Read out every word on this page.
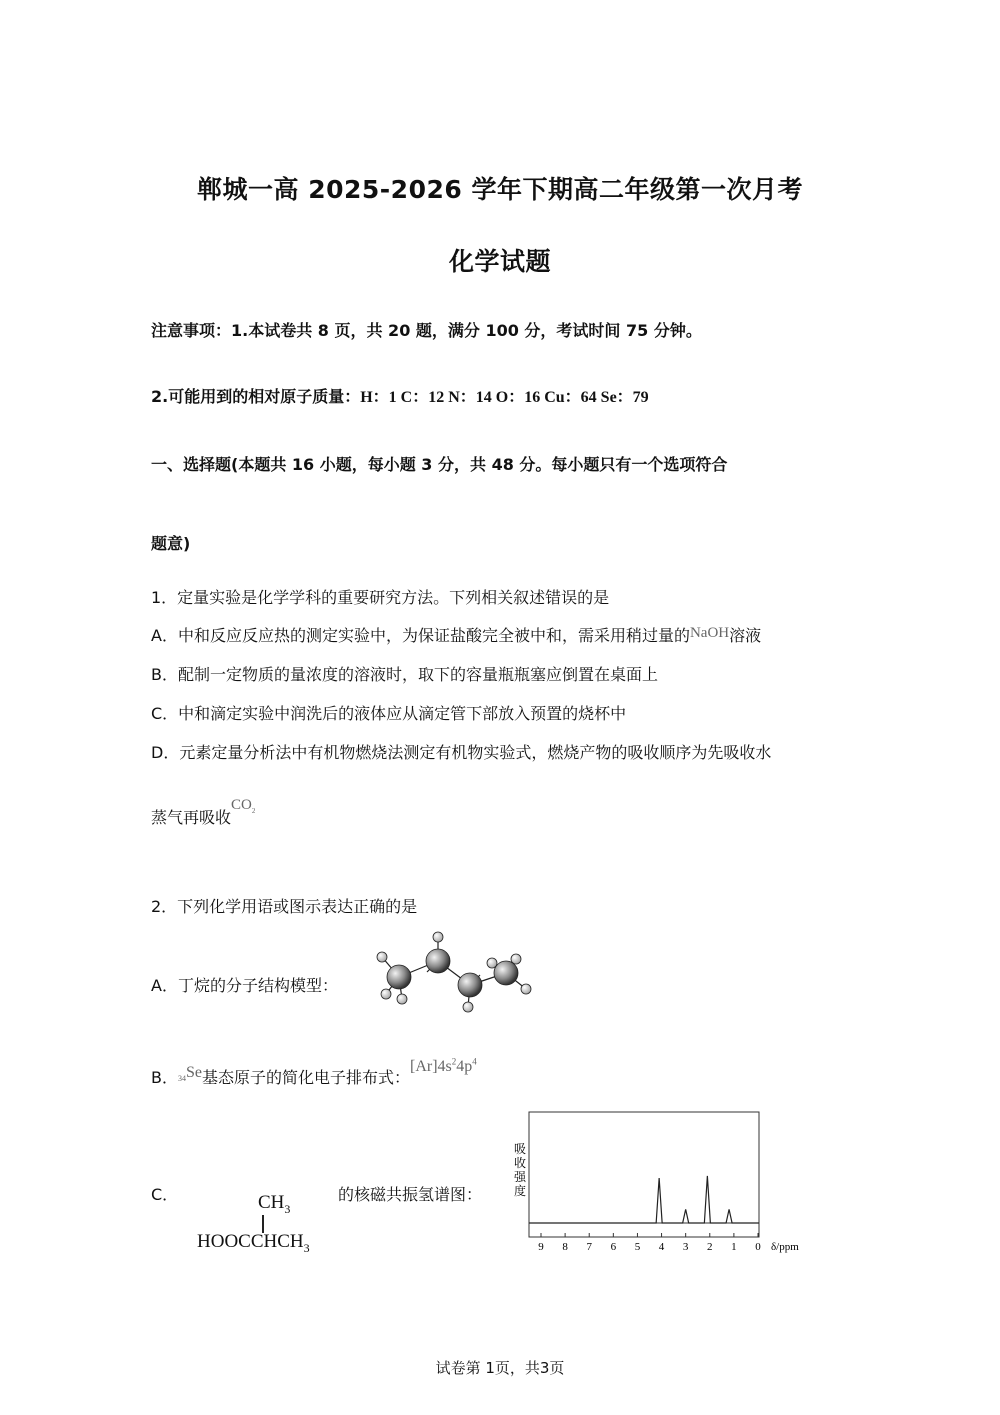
郸城一高 2025-2026 学年下期高二年级第一次月考
化学试题
注意事项：1.本试卷共 8 页，共 20 题，满分 100 分，考试时间 75 分钟。
2.可能用到的相对原子质量：H：1 C：12 N：14 O：16 Cu：64 Se：79
一、选择题(本题共 16 小题，每小题 3 分，共 48 分。每小题只有一个选项符合
题意)
1．定量实验是化学学科的重要研究方法。下列相关叙述错误的是
A．中和反应反应热的测定实验中，为保证盐酸完全被中和，需采用稍过量的NaOH溶液
B．配制一定物质的量浓度的溶液时，取下的容量瓶瓶塞应倒置在桌面上
C．中和滴定实验中润洗后的液体应从滴定管下部放入预置的烧杯中
D．元素定量分析法中有机物燃烧法测定有机物实验式，燃烧产物的吸收顺序为先吸收水
蒸气再吸收$CO_2$
2．下列化学用语或图示表达正确的是
A．丁烷的分子结构模型：
B．$_{34}$Se基态原子的简化电子排布式：$[Ar]4s^24p^4$
C．	$CH_3$
$HOOCCHCH_3$
的核磁共振氢谱图：
吸
收
强
度
9 8 7 6 5 4 3 2 1 0 δ/ppm
试卷第 1页，共3页
